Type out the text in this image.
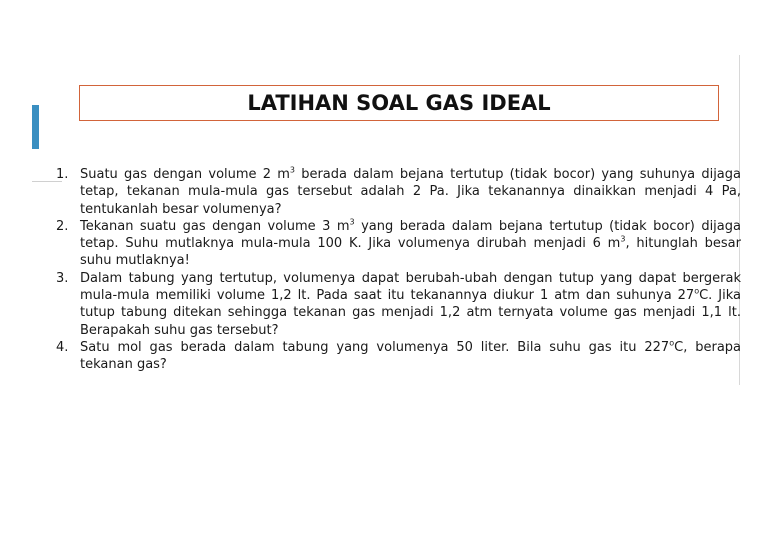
LATIHAN SOAL GAS IDEAL
1. Suatu gas dengan volume 2 $m^3$ berada dalam bejana tertutup (tidak bocor) yang suhunya dijaga tetap, tekanan mula-mula gas tersebut adalah 2 Pa. Jika tekanannya dinaikkan menjadi 4 Pa, tentukanlah besar volumenya?
2. Tekanan suatu gas dengan volume 3 $m^3$ yang berada dalam bejana tertutup (tidak bocor) dijaga tetap. Suhu mutlaknya mula-mula 100 K. Jika volumenya dirubah menjadi 6 $m^3$, hitunglah besar suhu mutlaknya!
3. Dalam tabung yang tertutup, volumenya dapat berubah-ubah dengan tutup yang dapat bergerak mula-mula memiliki volume 1,2 lt. Pada saat itu tekanannya diukur 1 atm dan suhunya 27$^o$C. Jika tutup tabung ditekan sehingga tekanan gas menjadi 1,2 atm ternyata volume gas menjadi 1,1 lt. Berapakah suhu gas tersebut?
4. Satu mol gas berada dalam tabung yang volumenya 50 liter. Bila suhu gas itu 227$^o$C, berapa tekanan gas?
